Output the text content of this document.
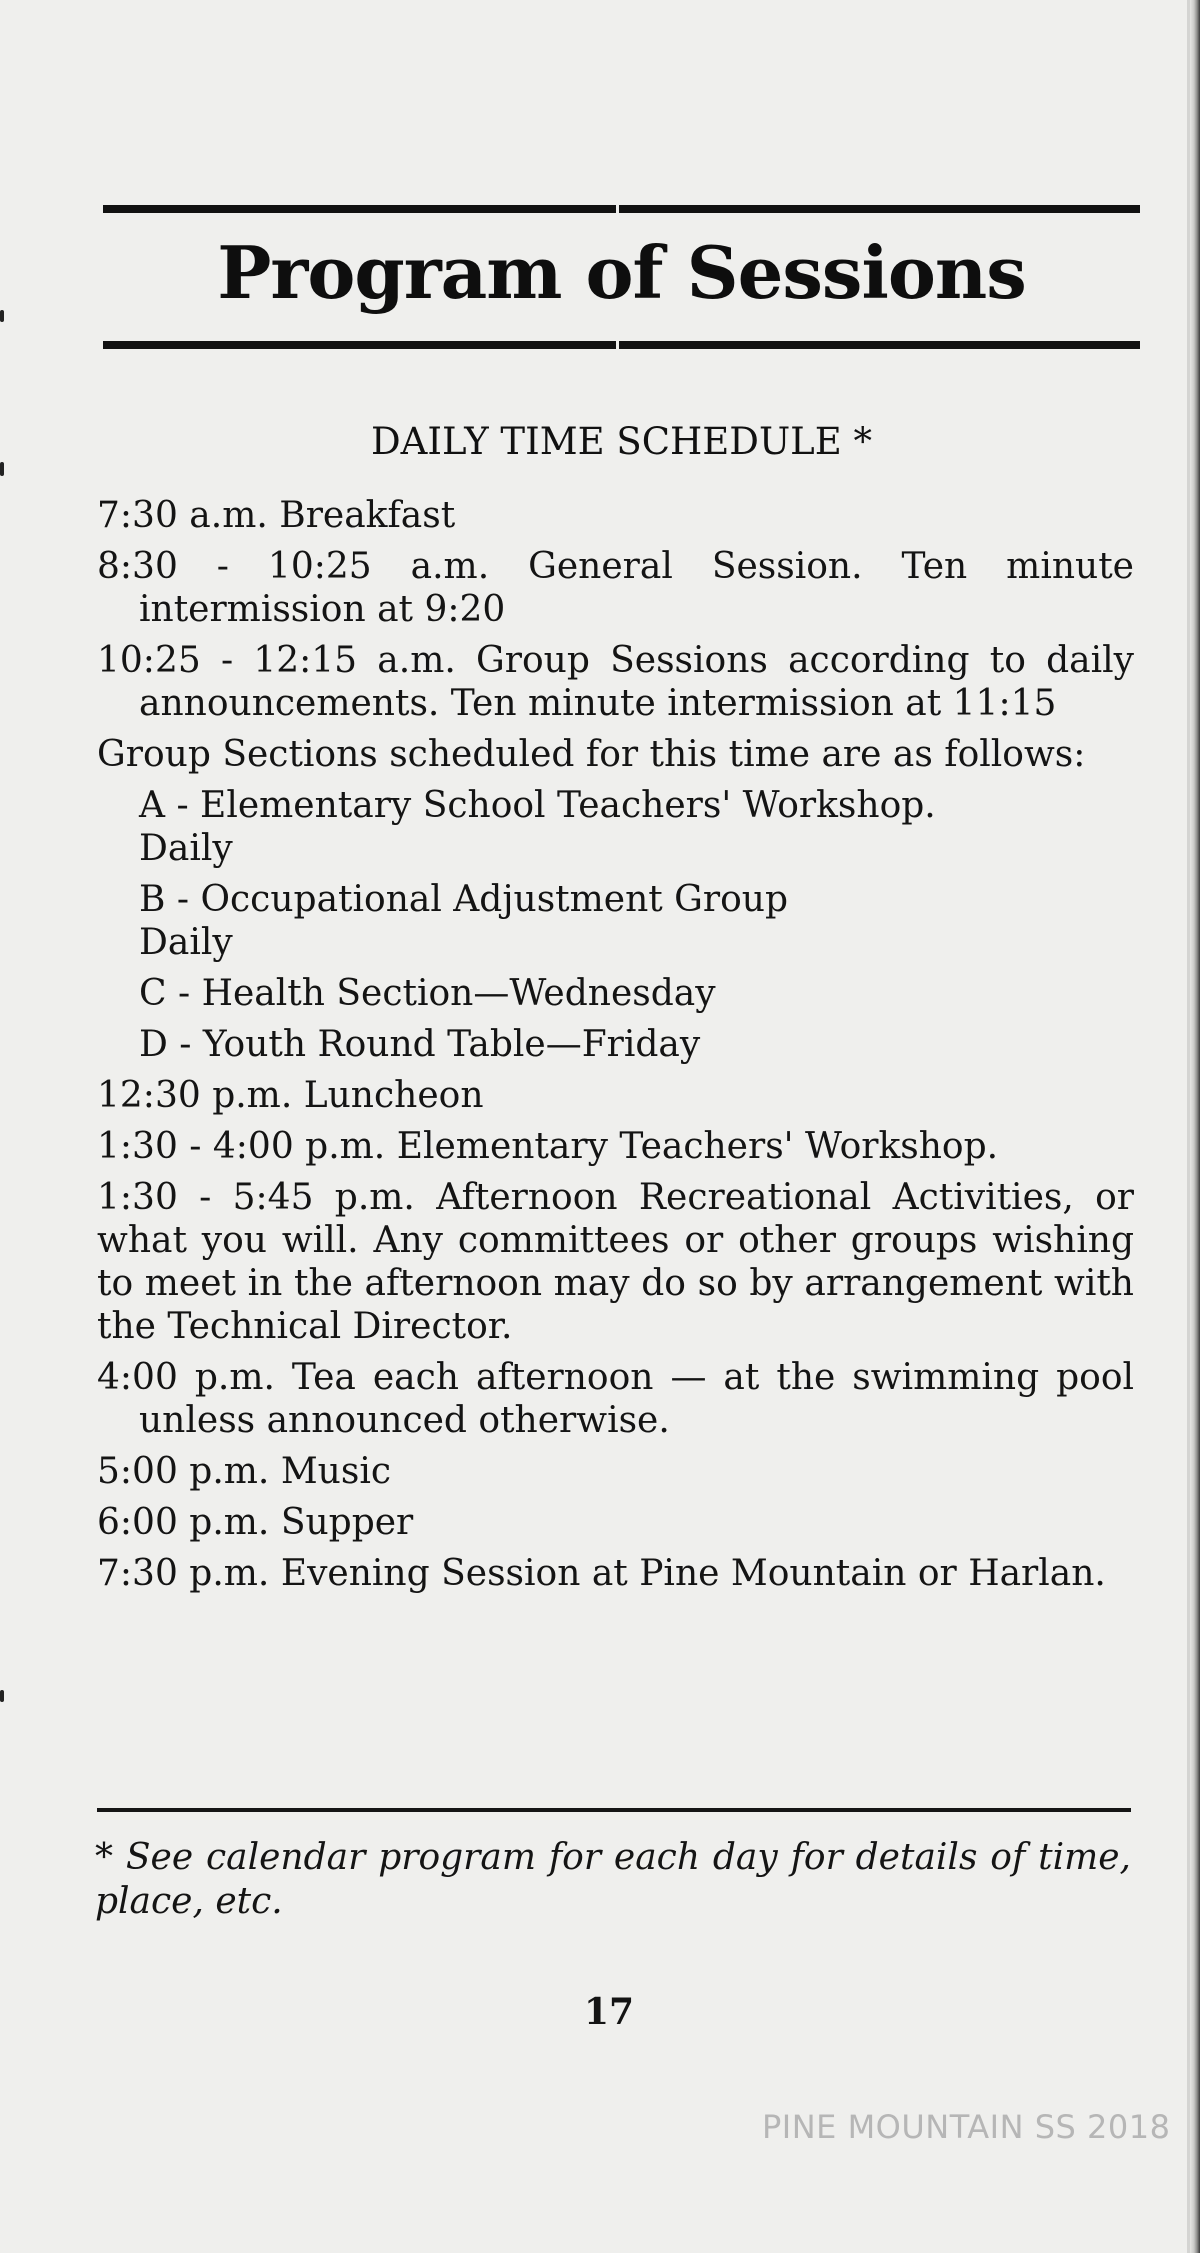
Program of Sessions
DAILY TIME SCHEDULE *
7:30 a.m. Breakfast
8:30 - 10:25 a.m. General Session. Ten minute intermission at 9:20
10:25 - 12:15 a.m. Group Sessions according to daily announcements. Ten minute intermission at 11:15
Group Sections scheduled for this time are as follows:
A - Elementary School Teachers' Workshop.
Daily
B - Occupational Adjustment Group
Daily
C - Health Section—Wednesday
D - Youth Round Table—Friday
12:30 p.m. Luncheon
1:30 - 4:00 p.m. Elementary Teachers' Workshop.
1:30 - 5:45 p.m. Afternoon Recreational Activities, or what you will. Any committees or other groups wishing to meet in the afternoon may do so by arrangement with the Technical Director.
4:00 p.m. Tea each afternoon — at the swimming pool unless announced otherwise.
5:00 p.m. Music
6:00 p.m. Supper
7:30 p.m. Evening Session at Pine Mountain or Harlan.
* See calendar program for each day for details of time, place, etc.
17
PINE MOUNTAIN SS 2018
